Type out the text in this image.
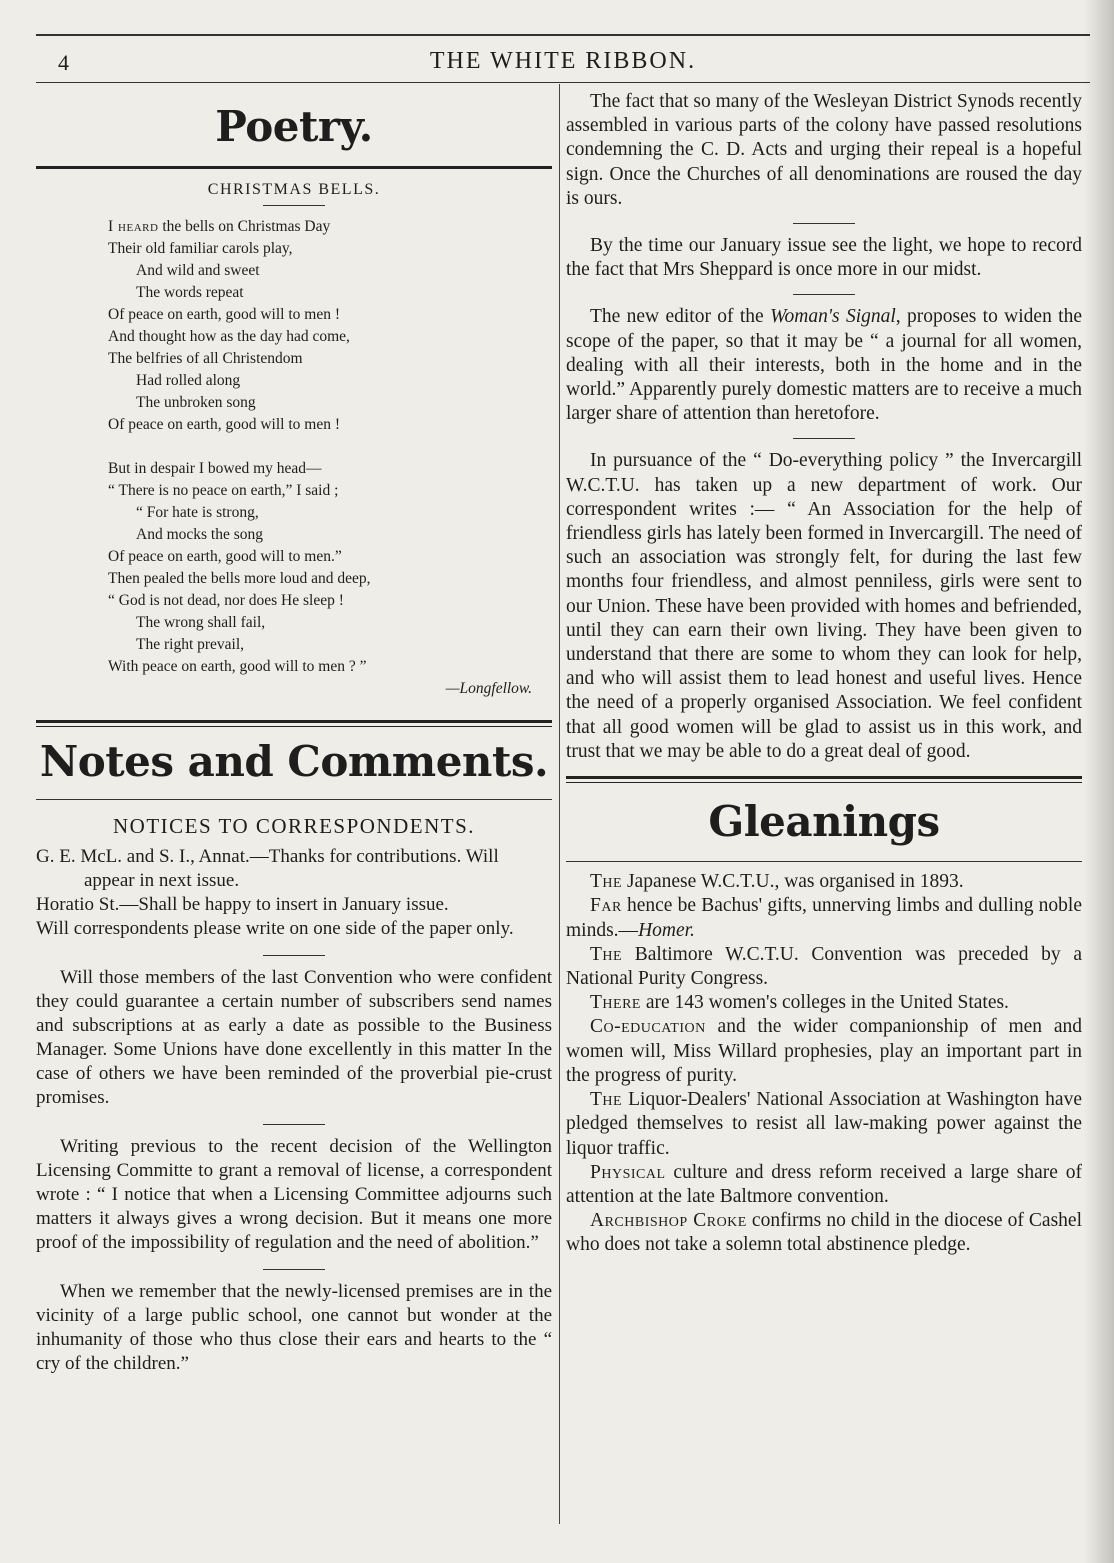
4	THE WHITE RIBBON.
Poetry.
CHRISTMAS BELLS.
I heard the bells on Christmas Day
Their old familiar carols play,
And wild and sweet
The words repeat
Of peace on earth, good will to men !
And thought how as the day had come,
The belfries of all Christendom
Had rolled along
The unbroken song
Of peace on earth, good will to men !
But in despair I bowed my head—
“ There is no peace on earth,” I said ;
“ For hate is strong,
And mocks the song
Of peace on earth, good will to men.”
Then pealed the bells more loud and deep,
“ God is not dead, nor does He sleep !
The wrong shall fail,
The right prevail,
With peace on earth, good will to men ? ”
—Longfellow.
Notes and Comments.
NOTICES TO CORRESPONDENTS.
G. E. McL. and S. I., Annat.—Thanks for contributions. Will appear in next issue.
Horatio St.—Shall be happy to insert in January issue.
Will correspondents please write on one side of the paper only.

Will those members of the last Convention who were confident they could guarantee a certain number of subscribers send names and subscriptions at as early a date as possible to the Business Manager. Some Unions have done excellently in this matter In the case of others we have been reminded of the proverbial pie-crust promises.

Writing previous to the recent decision of the Wellington Licensing Committe to grant a removal of license, a correspondent wrote : “ I notice that when a Licensing Committee adjourns such matters it always gives a wrong decision. But it means one more proof of the impossibility of regulation and the need of abolition.”

When we remember that the newly-licensed premises are in the vicinity of a large public school, one cannot but wonder at the inhumanity of those who thus close their ears and hearts to the “ cry of the children.”

The fact that so many of the Wesleyan District Synods recently assembled in various parts of the colony have passed resolutions condemning the C. D. Acts and urging their repeal is a hopeful sign. Once the Churches of all denominations are roused the day is ours.

By the time our January issue see the light, we hope to record the fact that Mrs Sheppard is once more in our midst.

The new editor of the Woman's Signal, proposes to widen the scope of the paper, so that it may be “ a journal for all women, dealing with all their interests, both in the home and in the world.” Apparently purely domestic matters are to receive a much larger share of attention than heretofore.

In pursuance of the “ Do-everything policy ” the Invercargill W.C.T.U. has taken up a new department of work. Our correspondent writes :— “ An Association for the help of friendless girls has lately been formed in Invercargill. The need of such an association was strongly felt, for during the last few months four friendless, and almost penniless, girls were sent to our Union. These have been provided with homes and befriended, until they can earn their own living. They have been given to understand that there are some to whom they can look for help, and who will assist them to lead honest and useful lives. Hence the need of a properly organised Association. We feel confident that all good women will be glad to assist us in this work, and trust that we may be able to do a great deal of good.

Gleanings

The Japanese W.C.T.U., was organised in 1893.

Far hence be Bachus' gifts, unnerving limbs and dulling noble minds.—Homer.

The Baltimore W.C.T.U. Convention was preceded by a National Purity Congress.

There are 143 women's colleges in the United States.

Co-education and the wider companionship of men and women will, Miss Willard prophesies, play an important part in the progress of purity.

The Liquor-Dealers' National Association at Washington have pledged themselves to resist all law-making power against the liquor traffic.

Physical culture and dress reform received a large share of attention at the late Baltmore convention.

Archbishop Croke confirms no child in the diocese of Cashel who does not take a solemn total abstinence pledge.
